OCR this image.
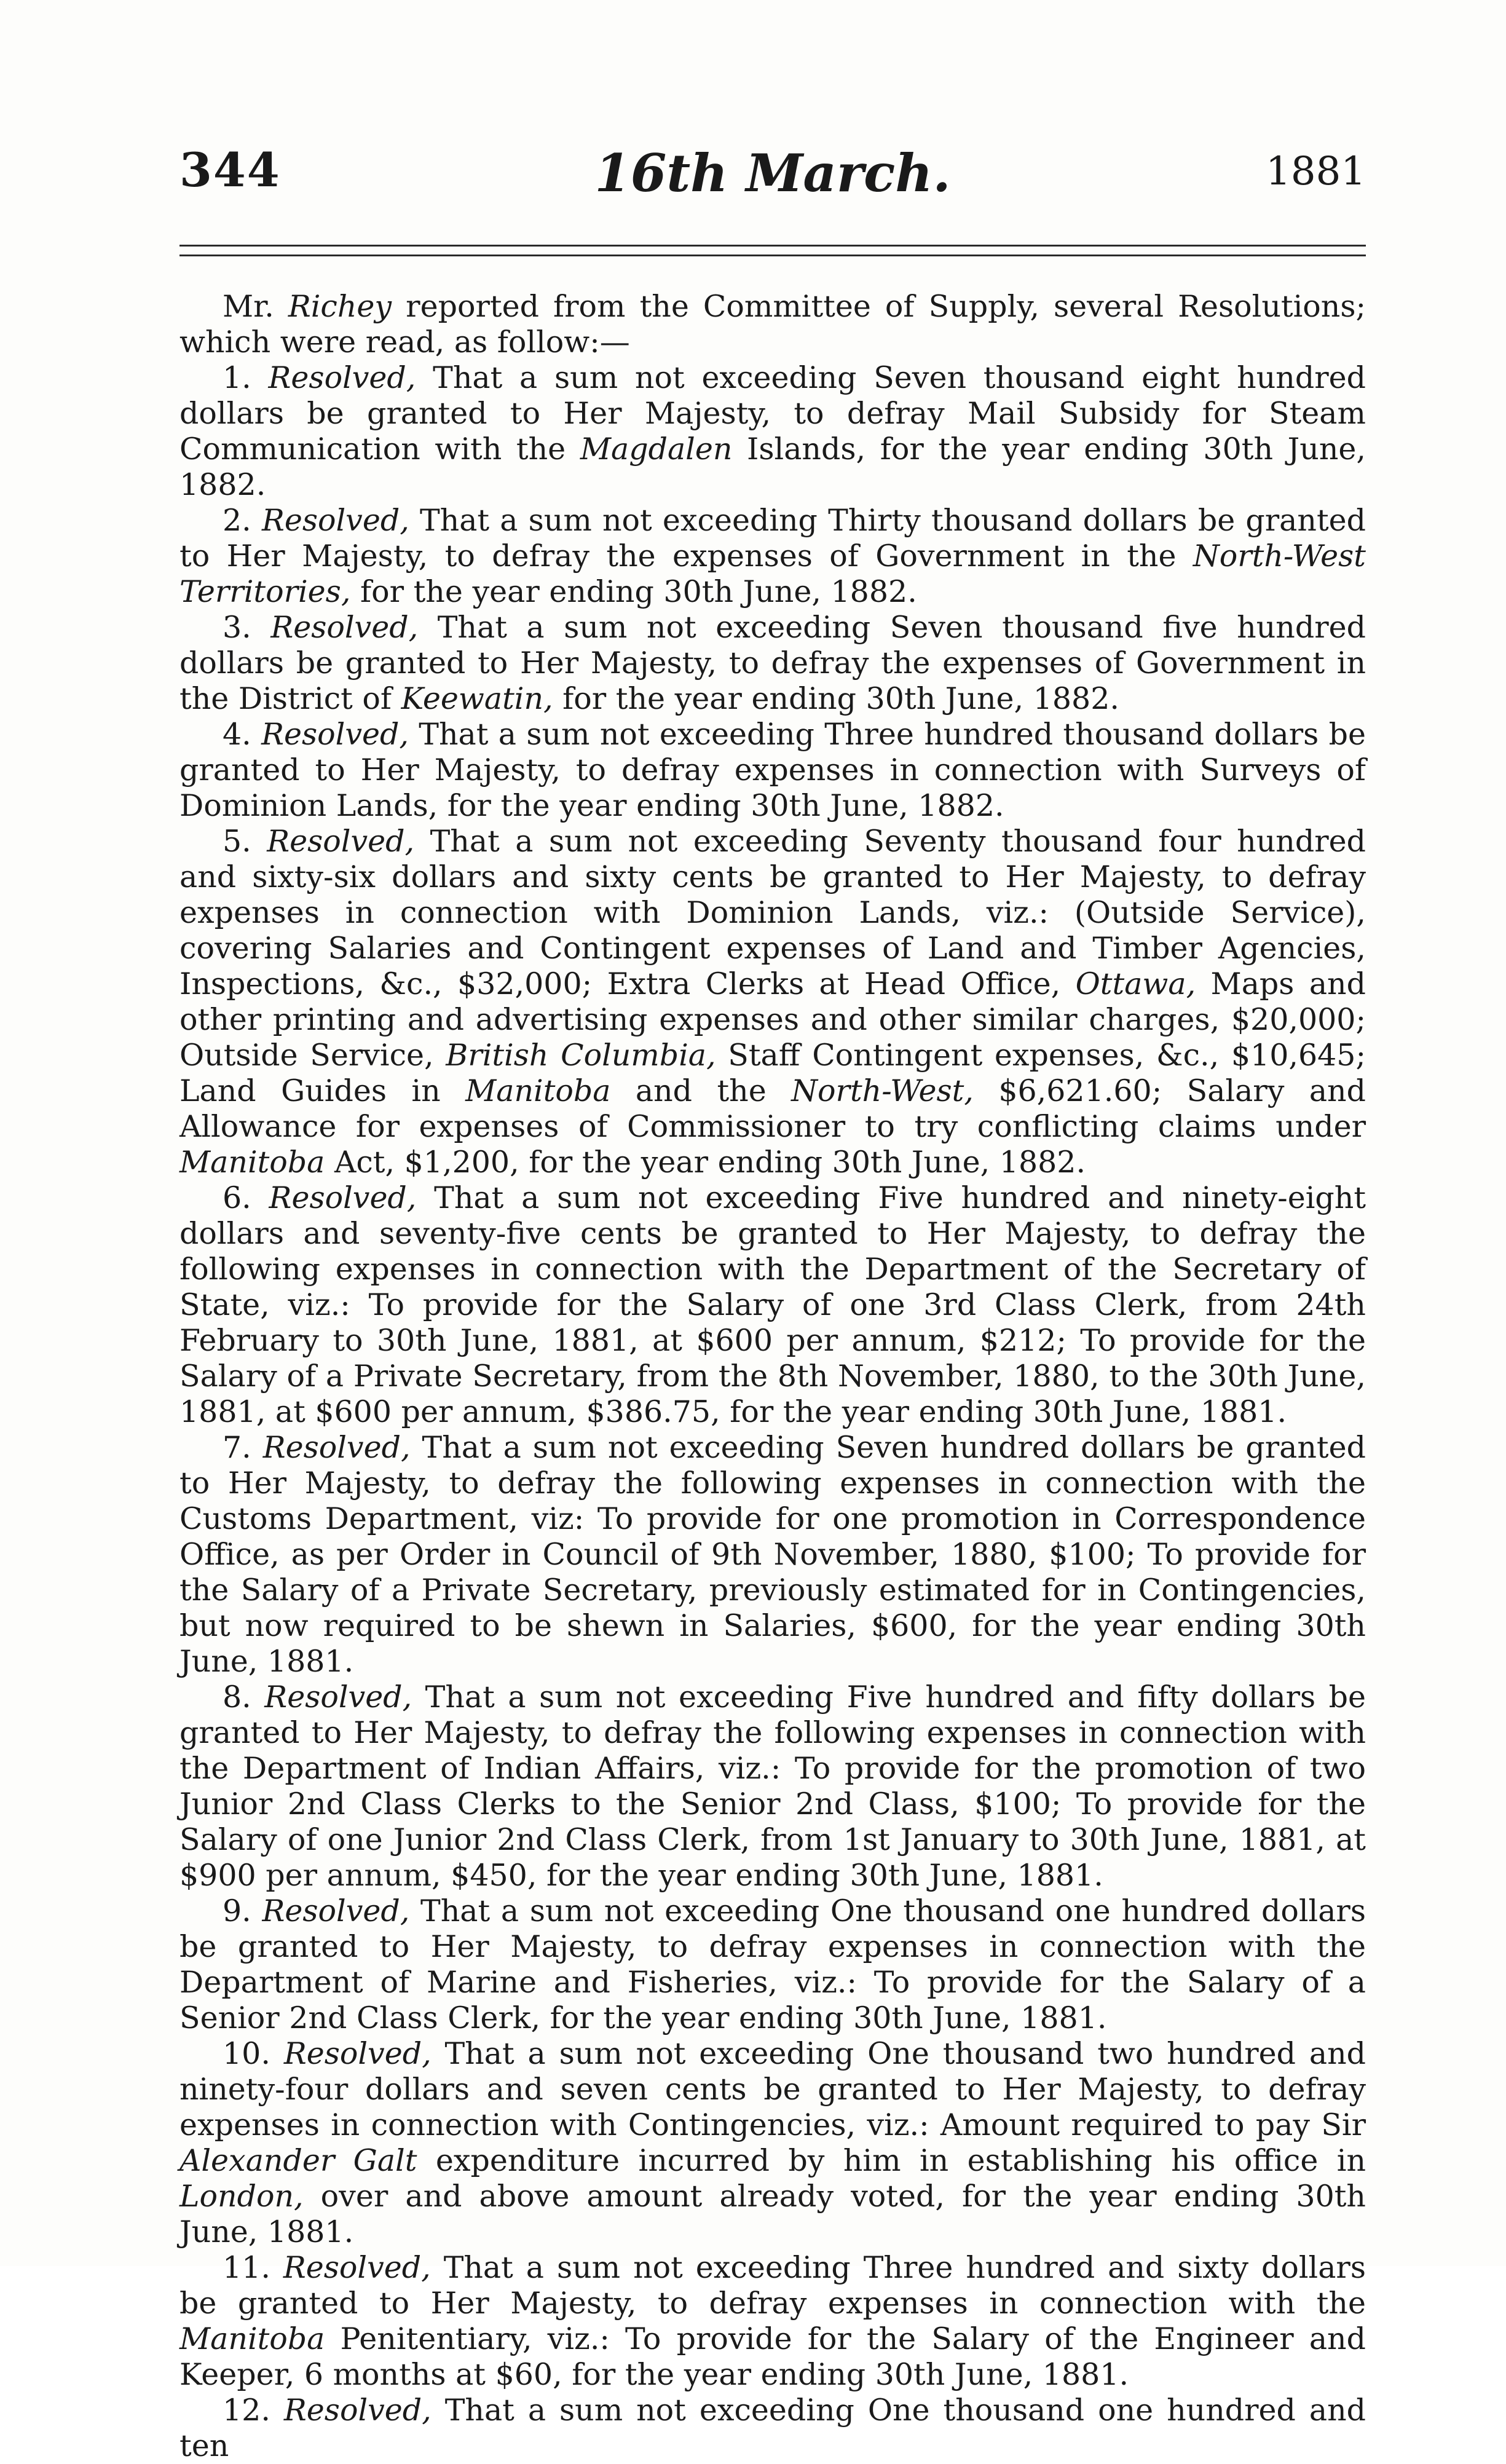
344	16th March.	1881

Mr. Richey reported from the Committee of Supply, several Resolutions; which were read, as follow:—

1. Resolved, That a sum not exceeding Seven thousand eight hundred dollars be granted to Her Majesty, to defray Mail Subsidy for Steam Communication with the Magdalen Islands, for the year ending 30th June, 1882.

2. Resolved, That a sum not exceeding Thirty thousand dollars be granted to Her Majesty, to defray the expenses of Government in the North-West Territories, for the year ending 30th June, 1882.

3. Resolved, That a sum not exceeding Seven thousand five hundred dollars be granted to Her Majesty, to defray the expenses of Government in the District of Keewatin, for the year ending 30th June, 1882.

4. Resolved, That a sum not exceeding Three hundred thousand dollars be granted to Her Majesty, to defray expenses in connection with Surveys of Dominion Lands, for the year ending 30th June, 1882.

5. Resolved, That a sum not exceeding Seventy thousand four hundred and sixty-six dollars and sixty cents be granted to Her Majesty, to defray expenses in connection with Dominion Lands, viz.: (Outside Service), covering Salaries and Contingent expenses of Land and Timber Agencies, Inspections, &c., $32,000; Extra Clerks at Head Office, Ottawa, Maps and other printing and advertising expenses and other similar charges, $20,000; Outside Service, British Columbia, Staff Contingent expenses, &c., $10,645; Land Guides in Manitoba and the North-West, $6,621.60; Salary and Allowance for expenses of Commissioner to try conflicting claims under Manitoba Act, $1,200, for the year ending 30th June, 1882.

6. Resolved, That a sum not exceeding Five hundred and ninety-eight dollars and seventy-five cents be granted to Her Majesty, to defray the following expenses in connection with the Department of the Secretary of State, viz.: To provide for the Salary of one 3rd Class Clerk, from 24th February to 30th June, 1881, at $600 per annum, $212; To provide for the Salary of a Private Secretary, from the 8th November, 1880, to the 30th June, 1881, at $600 per annum, $386.75, for the year ending 30th June, 1881.

7. Resolved, That a sum not exceeding Seven hundred dollars be granted to Her Majesty, to defray the following expenses in connection with the Customs Department, viz: To provide for one promotion in Correspondence Office, as per Order in Council of 9th November, 1880, $100; To provide for the Salary of a Private Secretary, previously estimated for in Contingencies, but now required to be shewn in Salaries, $600, for the year ending 30th June, 1881.

8. Resolved, That a sum not exceeding Five hundred and fifty dollars be granted to Her Majesty, to defray the following expenses in connection with the Department of Indian Affairs, viz.: To provide for the promotion of two Junior 2nd Class Clerks to the Senior 2nd Class, $100; To provide for the Salary of one Junior 2nd Class Clerk, from 1st January to 30th June, 1881, at $900 per annum, $450, for the year ending 30th June, 1881.

9. Resolved, That a sum not exceeding One thousand one hundred dollars be granted to Her Majesty, to defray expenses in connection with the Department of Marine and Fisheries, viz.: To provide for the Salary of a Senior 2nd Class Clerk, for the year ending 30th June, 1881.

10. Resolved, That a sum not exceeding One thousand two hundred and ninety-four dollars and seven cents be granted to Her Majesty, to defray expenses in connection with Contingencies, viz.: Amount required to pay Sir Alexander Galt expenditure incurred by him in establishing his office in London, over and above amount already voted, for the year ending 30th June, 1881.

11. Resolved, That a sum not exceeding Three hundred and sixty dollars be granted to Her Majesty, to defray expenses in connection with the Manitoba Penitentiary, viz.: To provide for the Salary of the Engineer and Keeper, 6 months at $60, for the year ending 30th June, 1881.

12. Resolved, That a sum not exceeding One thousand one hundred and ten
